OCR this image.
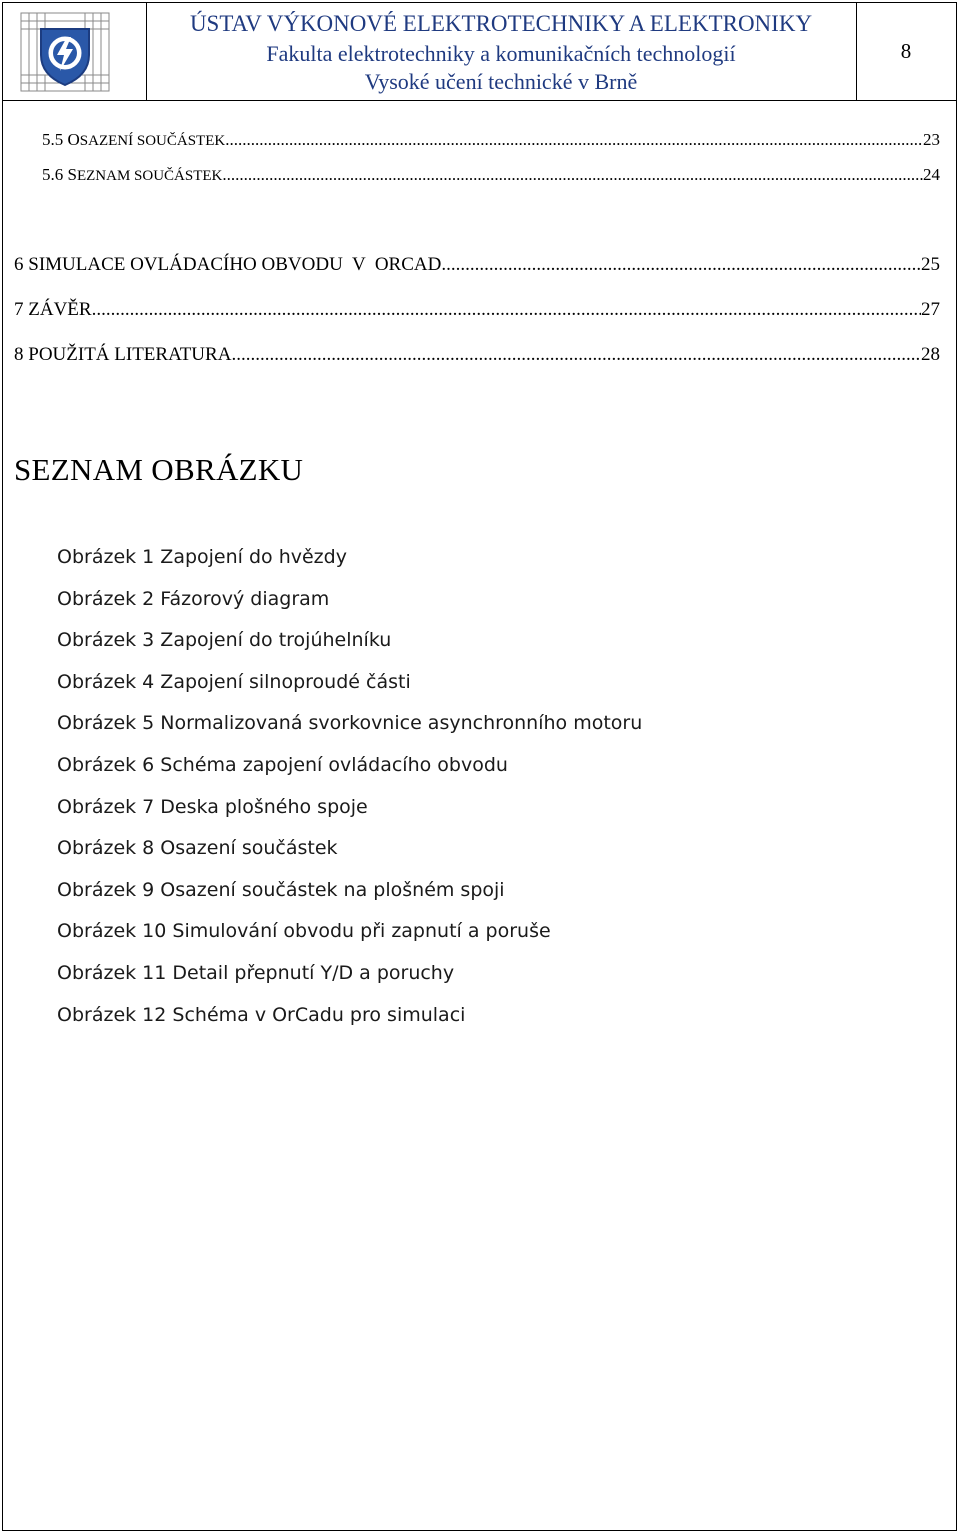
ÚSTAV VÝKONOVÉ ELEKTROTECHNIKY A ELEKTRONIKY
Fakulta elektrotechniky a komunikačních technologií
Vysoké učení technické v Brně
8
5.5 OSAZENÍ SOUČÁSTEK .....	23
5.6 SEZNAM SOUČÁSTEK .....	24
6 SIMULACE OVLÁDACÍHO OBVODU  V  ORCAD .....	25
7 ZÁVĚR .....	27
8 POUŽITÁ LITERATURA .....	28
SEZNAM OBRÁZKU
Obrázek 1 Zapojení do hvězdy
Obrázek 2 Fázorový diagram
Obrázek 3 Zapojení do trojúhelníku
Obrázek 4 Zapojení silnoproudé části
Obrázek 5 Normalizovaná svorkovnice asynchronního motoru
Obrázek 6 Schéma zapojení ovládacího obvodu
Obrázek 7 Deska plošného spoje
Obrázek 8 Osazení součástek
Obrázek 9 Osazení součástek na plošném spoji
Obrázek 10 Simulování obvodu při zapnutí a poruše
Obrázek 11 Detail přepnutí Y/D a poruchy
Obrázek 12 Schéma v OrCadu pro simulaci
